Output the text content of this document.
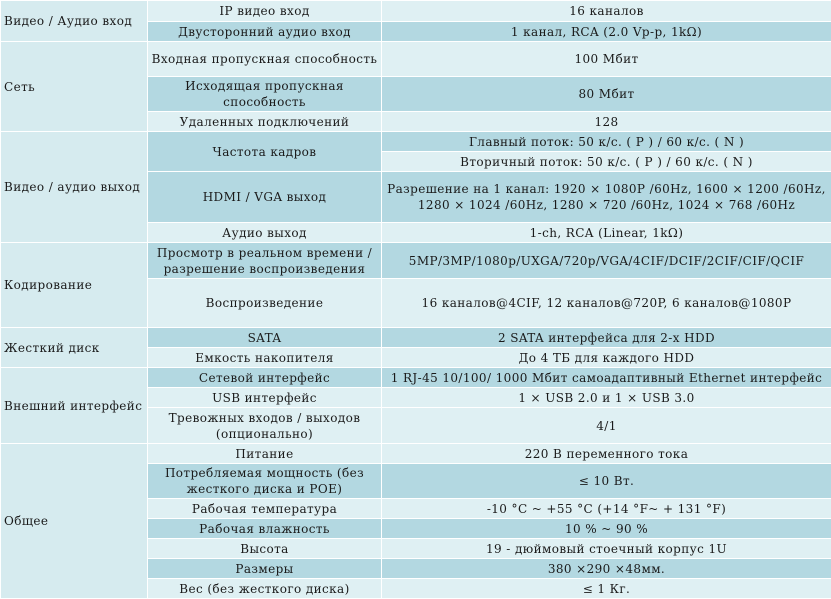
Видео / Аудио вход	IP видео вход	16 каналов
	Двусторонний аудио вход	1 канал, RCA (2.0 Vp-p, 1kΩ)
Сеть	Входная пропускная способность	100 Мбит
	Исходящая пропускная способность	80 Мбит
	Удаленных подключений	128
Видео / аудио выход	Частота кадров	Главный поток: 50 к/с. ( P ) / 60 к/с. ( N )
		Вторичный поток: 50 к/с. ( P ) / 60 к/с. ( N )
	HDMI / VGA выход	Разрешение на 1 канал: 1920 × 1080P /60Hz, 1600 × 1200 /60Hz, 1280 × 1024 /60Hz, 1280 × 720 /60Hz, 1024 × 768 /60Hz
	Аудио выход	1-ch, RCA (Linear, 1kΩ)
Кодирование	Просмотр в реальном времени / разрешение воспроизведения	5MP/3MP/1080p/UXGA/720p/VGA/4CIF/DCIF/2CIF/CIF/QCIF
	Воспроизведение	16 каналов@4CIF, 12 каналов@720P, 6 каналов@1080P
Жесткий диск	SATA	2 SATA интерфейса для 2-х HDD
	Емкость накопителя	До 4 ТБ для каждого HDD
Внешний интерфейс	Сетевой интерфейс	1 RJ-45 10/100/ 1000 Мбит самоадаптивный Ethernet интерфейс
	USB интерфейс	1 × USB 2.0 и 1 × USB 3.0
	Тревожных входов / выходов (опционально)	4/1
Общее	Питание	220 В переменного тока
	Потребляемая мощность (без жесткого диска и POE)	≤ 10 Вт.
	Рабочая температура	-10 °C ~ +55 °C (+14 °F~ + 131 °F)
	Рабочая влажность	10 % ~ 90 %
	Высота	19 - дюймовый стоечный корпус 1U
	Размеры	380 ×290 ×48мм.
	Вес (без жесткого диска)	≤ 1 Кг.
